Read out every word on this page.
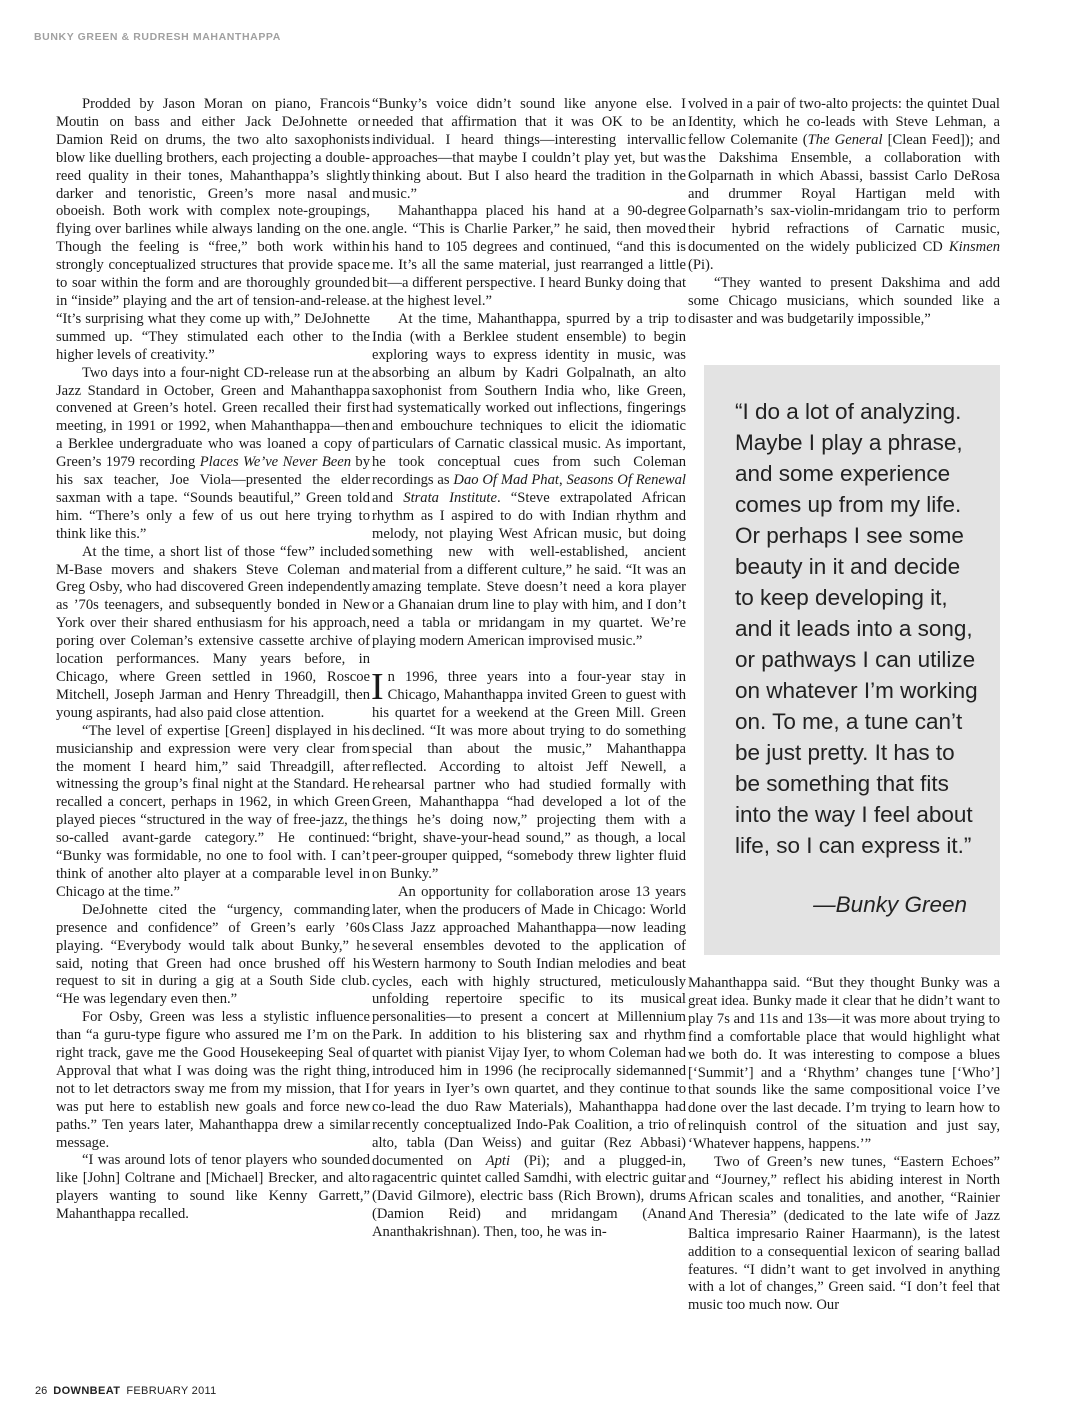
BUNKY GREEN & RUDRESH MAHANTHAPPA

Prodded by Jason Moran on piano, Francois Moutin on bass and either Jack DeJohnette or Damion Reid on drums, the two alto saxophonists blow like duelling brothers, each projecting a double-reed quality in their tones, Mahanthappa’s slightly darker and tenoristic, Green’s more nasal and oboeish. Both work with complex note-groupings, flying over barlines while always landing on the one. Though the feeling is “free,” both work within strongly conceptualized structures that provide space to soar within the form and are thoroughly grounded in “inside” playing and the art of tension-and-release. “It’s surprising what they come up with,” DeJohnette summed up. “They stimulated each other to the higher levels of creativity.”

Two days into a four-night CD-release run at the Jazz Standard in October, Green and Mahanthappa convened at Green’s hotel. Green recalled their first meeting, in 1991 or 1992, when Mahanthappa—then a Berklee undergraduate who was loaned a copy of Green’s 1979 recording Places We’ve Never Been by his sax teacher, Joe Viola—presented the elder saxman with a tape. “Sounds beautiful,” Green told him. “There’s only a few of us out here trying to think like this.”

At the time, a short list of those “few” included M-Base movers and shakers Steve Coleman and Greg Osby, who had discovered Green independently as ’70s teenagers, and subsequently bonded in New York over their shared enthusiasm for his approach, poring over Coleman’s extensive cassette archive of location performances. Many years before, in Chicago, where Green settled in 1960, Roscoe Mitchell, Joseph Jarman and Henry Threadgill, then young aspirants, had also paid close attention.

“The level of expertise [Green] displayed in his musicianship and expression were very clear from the moment I heard him,” said Threadgill, after witnessing the group’s final night at the Standard. He recalled a concert, perhaps in 1962, in which Green played pieces “structured in the way of free-jazz, the so-called avant-garde category.” He continued: “Bunky was formidable, no one to fool with. I can’t think of another alto player at a comparable level in Chicago at the time.”

DeJohnette cited the “urgency, commanding presence and confidence” of Green’s early ’60s playing. “Everybody would talk about Bunky,” he said, noting that Green had once brushed off his request to sit in during a gig at a South Side club. “He was legendary even then.”

For Osby, Green was less a stylistic influence than “a guru-type figure who assured me I’m on the right track, gave me the Good Housekeeping Seal of Approval that what I was doing was the right thing, not to let detractors sway me from my mission, that I was put here to establish new goals and force new paths.” Ten years later, Mahanthappa drew a similar message.

“I was around lots of tenor players who sounded like [John] Coltrane and [Michael] Brecker, and alto players wanting to sound like Kenny Garrett,” Mahanthappa recalled.

“Bunky’s voice didn’t sound like anyone else. I needed that affirmation that it was OK to be an individual. I heard things—interesting intervallic approaches—that maybe I couldn’t play yet, but was thinking about. But I also heard the tradition in the music.”

Mahanthappa placed his hand at a 90-degree angle. “This is Charlie Parker,” he said, then moved his hand to 105 degrees and continued, “and this is me. It’s all the same material, just rearranged a little bit—a different perspective. I heard Bunky doing that at the highest level.”

At the time, Mahanthappa, spurred by a trip to India (with a Berklee student ensemble) to begin exploring ways to express identity in music, was absorbing an album by Kadri Golpalnath, an alto saxophonist from Southern India who, like Green, had systematically worked out inflections, fingerings and embouchure techniques to elicit the idiomatic particulars of Carnatic classical music. As important, he took conceptual cues from such Coleman recordings as Dao Of Mad Phat, Seasons Of Renewal and Strata Institute. “Steve extrapolated African rhythm as I aspired to do with Indian rhythm and melody, not playing West African music, but doing something new with well-established, ancient material from a different culture,” he said. “It was an amazing template. Steve doesn’t need a kora player or a Ghanaian drum line to play with him, and I don’t need a tabla or mridangam in my quartet. We’re playing modern American improvised music.”

In 1996, three years into a four-year stay in Chicago, Mahanthappa invited Green to guest with his quartet for a weekend at the Green Mill. Green declined. “It was more about trying to do something special than about the music,” Mahanthappa reflected. According to altoist Jeff Newell, a rehearsal partner who had studied formally with Green, Mahanthappa “had developed a lot of the things he’s doing now,” projecting them with a “bright, shave-your-head sound,” as though, a local peer-grouper quipped, “somebody threw lighter fluid on Bunky.”

An opportunity for collaboration arose 13 years later, when the producers of Made in Chicago: World Class Jazz approached Mahanthappa—now leading several ensembles devoted to the application of Western harmony to South Indian melodies and beat cycles, each with highly structured, meticulously unfolding repertoire specific to its musical personalities—to present a concert at Millennium Park. In addition to his blistering sax and rhythm quartet with pianist Vijay Iyer, to whom Coleman had introduced him in 1996 (he reciprocally sidemanned for years in Iyer’s own quartet, and they continue to co-lead the duo Raw Materials), Mahanthappa had recently conceptualized Indo-Pak Coalition, a trio of alto, tabla (Dan Weiss) and guitar (Rez Abbasi) documented on Apti (Pi); and a plugged-in, ragacentric quintet called Samdhi, with electric guitar (David Gilmore), electric bass (Rich Brown), drums (Damion Reid) and mridangam (Anand Ananthakrishnan). Then, too, he was in-

volved in a pair of two-alto projects: the quintet Dual Identity, which he co-leads with Steve Lehman, a fellow Colemanite (The General [Clean Feed]); and the Dakshima Ensemble, a collaboration with Golparnath in which Abassi, bassist Carlo DeRosa and drummer Royal Hartigan meld with Golparnath’s sax-violin-mridangam trio to perform their hybrid refractions of Carnatic music, documented on the widely publicized CD Kinsmen (Pi).

“They wanted to present Dakshima and add some Chicago musicians, which sounded like a disaster and was budgetarily impossible,”

“I do a lot of analyzing. Maybe I play a phrase, and some experience comes up from my life. Or perhaps I see some beauty in it and decide to keep developing it, and it leads into a song, or pathways I can utilize on whatever I’m working on. To me, a tune can’t be just pretty. It has to be something that fits into the way I feel about life, so I can express it.”
—Bunky Green

Mahanthappa said. “But they thought Bunky was a great idea. Bunky made it clear that he didn’t want to play 7s and 11s and 13s—it was more about trying to find a comfortable place that would highlight what we both do. It was interesting to compose a blues [‘Summit’] and a ‘Rhythm’ changes tune [‘Who’] that sounds like the same compositional voice I’ve done over the last decade. I’m trying to learn how to relinquish control of the situation and just say, ‘Whatever happens, happens.’”

Two of Green’s new tunes, “Eastern Echoes” and “Journey,” reflect his abiding interest in North African scales and tonalities, and another, “Rainier And Theresia” (dedicated to the late wife of Jazz Baltica impresario Rainer Haarmann), is the latest addition to a consequential lexicon of searing ballad features. “I didn’t want to get involved in anything with a lot of changes,” Green said. “I don’t feel that music too much now. Our

26 DOWNBEAT FEBRUARY 2011
